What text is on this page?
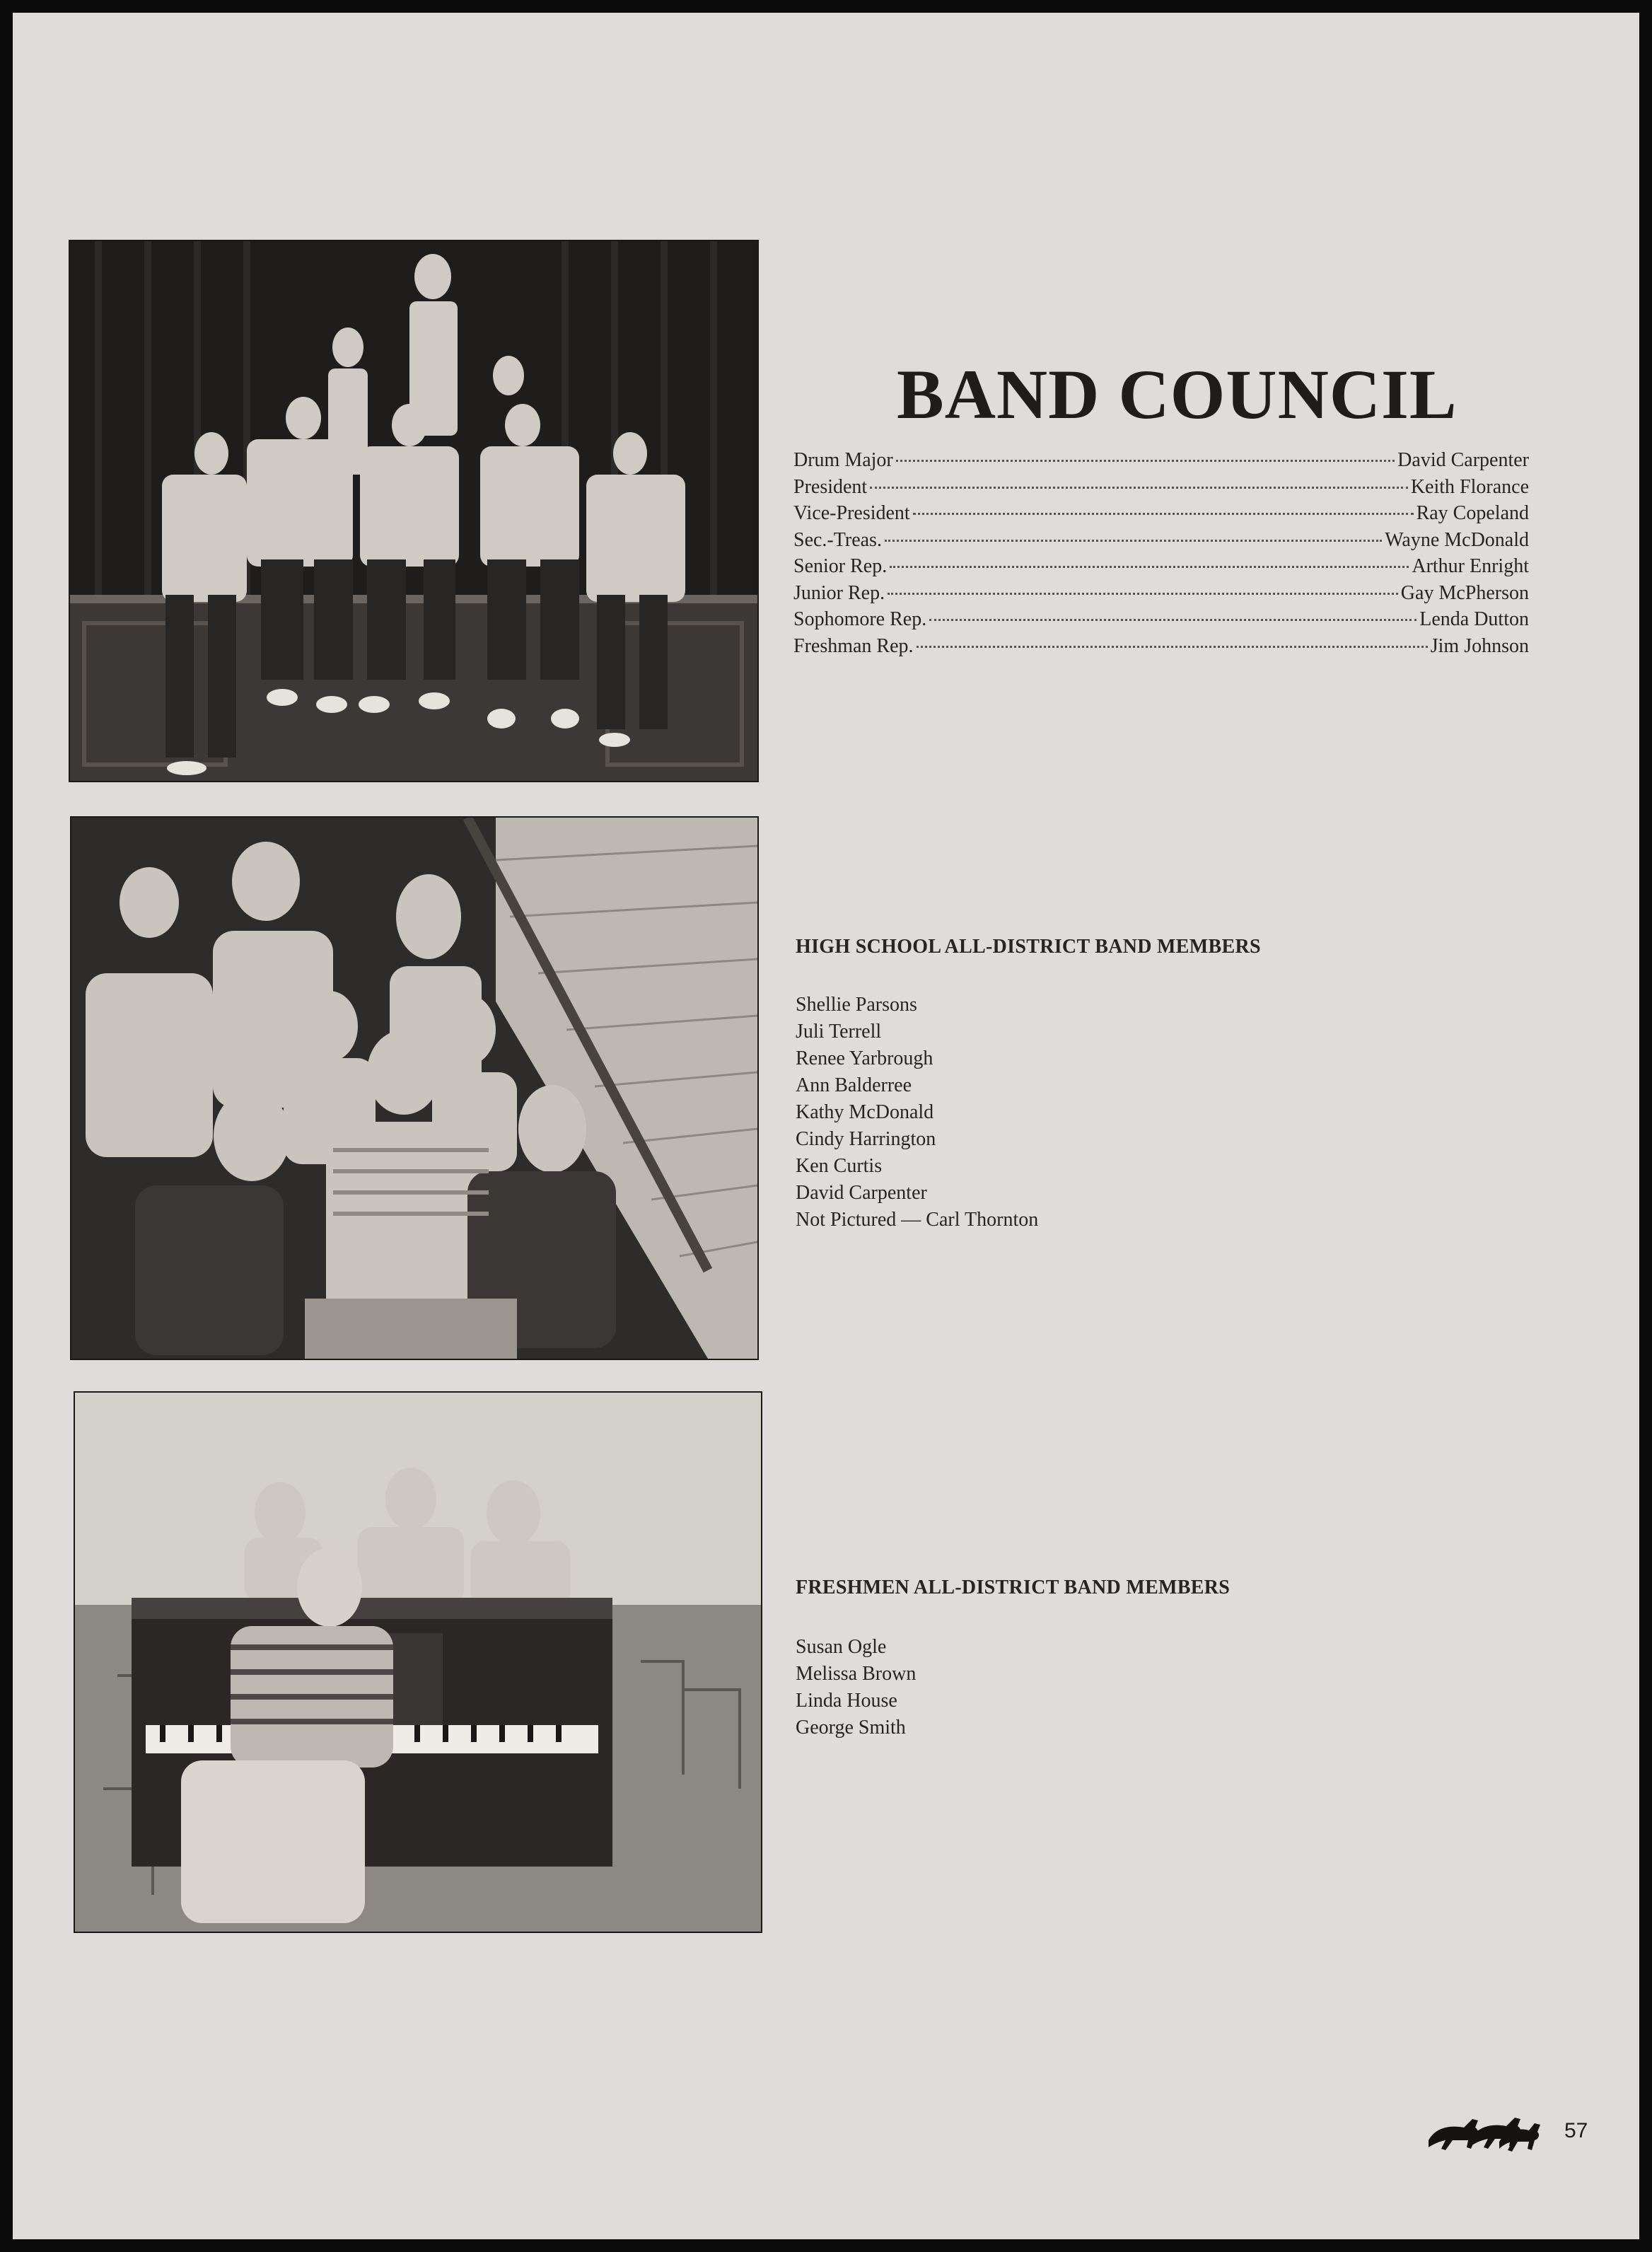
BAND COUNCIL
Drum Major	David Carpenter
President	Keith Florance
Vice-President	Ray Copeland
Sec.-Treas.	Wayne McDonald
Senior Rep.	Arthur Enright
Junior Rep.	Gay McPherson
Sophomore Rep.	Lenda Dutton
Freshman Rep.	Jim Johnson
HIGH SCHOOL ALL-DISTRICT BAND MEMBERS
Shellie Parsons
Juli Terrell
Renee Yarbrough
Ann Balderree
Kathy McDonald
Cindy Harrington
Ken Curtis
David Carpenter
Not Pictured — Carl Thornton
FRESHMEN ALL-DISTRICT BAND MEMBERS
Susan Ogle
Melissa Brown
Linda House
George Smith
57
